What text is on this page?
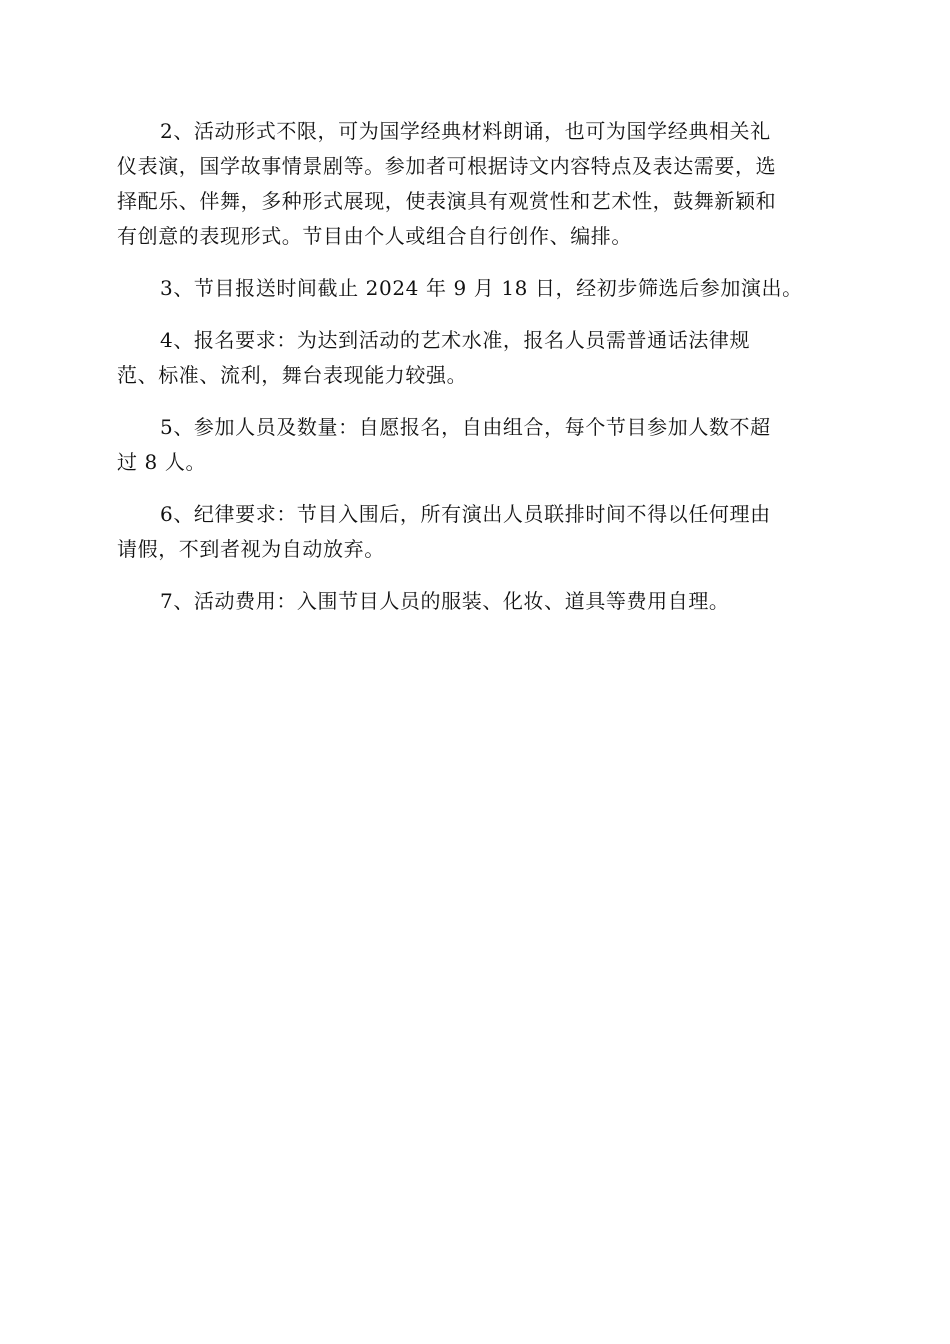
2、活动形式不限，可为国学经典材料朗诵，也可为国学经典相关礼
仪表演，国学故事情景剧等。参加者可根据诗文内容特点及表达需要，选
择配乐、伴舞，多种形式展现，使表演具有观赏性和艺术性，鼓舞新颖和
有创意的表现形式。节目由个人或组合自行创作、编排。

3、节目报送时间截止 2024 年 9 月 18 日，经初步筛选后参加演出。

4、报名要求：为达到活动的艺术水准，报名人员需普通话法律规
范、标准、流利，舞台表现能力较强。

5、参加人员及数量：自愿报名，自由组合，每个节目参加人数不超
过 8 人。

6、纪律要求：节目入围后，所有演出人员联排时间不得以任何理由
请假，不到者视为自动放弃。

7、活动费用：入围节目人员的服装、化妆、道具等费用自理。
